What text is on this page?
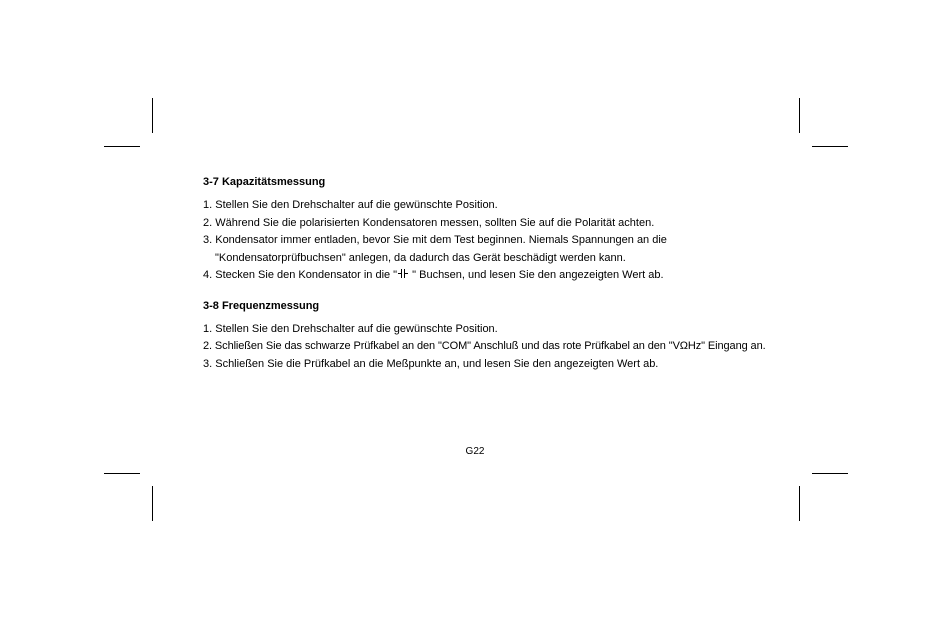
3-7 Kapazitätsmessung
1. Stellen Sie den Drehschalter auf die gewünschte Position.
2. Während Sie die polarisierten Kondensatoren messen, sollten Sie auf die Polarität achten.
3. Kondensator immer entladen, bevor Sie mit dem Test beginnen. Niemals Spannungen an die
"Kondensatorprüfbuchsen" anlegen, da dadurch das Gerät beschädigt werden kann.
4. Stecken Sie den Kondensator in die "
" Buchsen, und lesen Sie den angezeigten Wert ab.
3-8 Frequenzmessung
1. Stellen Sie den Drehschalter auf die gewünschte Position.
2. Schließen Sie das schwarze Prüfkabel an den "COM" Anschluß und das rote Prüfkabel an den "VΩHz" Eingang an.
3. Schließen Sie die Prüfkabel an die Meßpunkte an, und lesen Sie den angezeigten Wert ab.
G22
